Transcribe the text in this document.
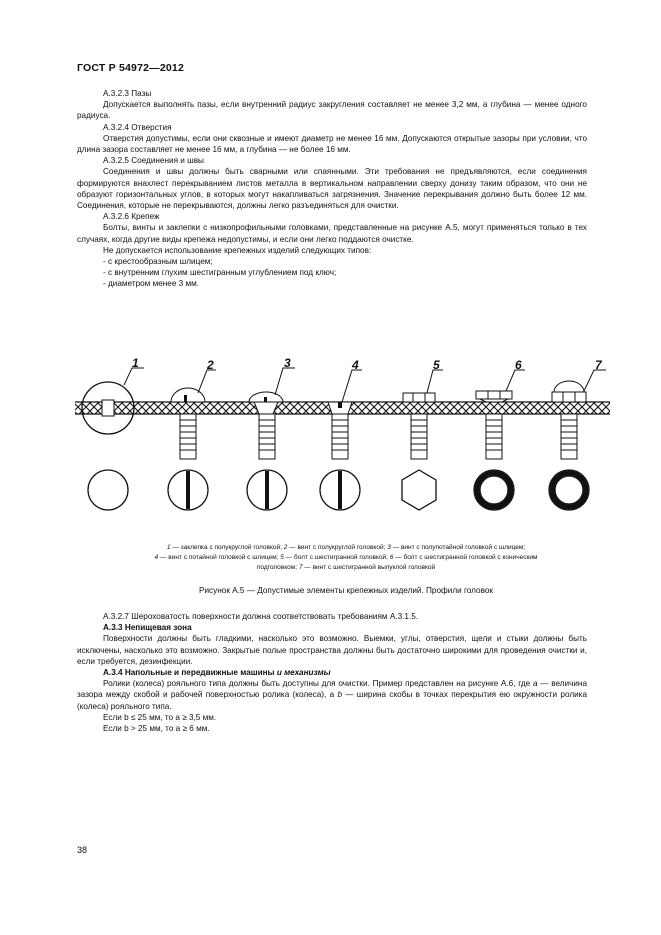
ГОСТ Р 54972—2012

А.3.2.3 Пазы

Допускается выполнять пазы, если внутренний радиус закругления составляет не менее 3,2 мм, а глубина — менее одного радиуса.

А.3.2.4 Отверстия

Отверстия допустимы, если они сквозные и имеют диаметр не менее 16 мм. Допускаются открытые зазоры при условии, что длина зазора составляет не менее 16 мм, а глубина — не более 16 мм.

А.3.2.5 Соединения и швы

Соединения и швы должны быть сварными или спаянными. Эти требования не предъявляются, если соединения формируются внахлест перекрыванием листов металла в вертикальном направлении сверху донизу таким образом, что они не образуют горизонтальных углов, в которых могут накапливаться загрязнения. Значение перекрывания должно быть более 12 мм. Соединения, которые не перекрываются, должны легко разъединяться для очистки.

А.3.2.6 Крепеж

Болты, винты и заклепки с низкопрофильными головками, представленные на рисунке А.5, могут применяться только в тех случаях, когда другие виды крепежа недопустимы, и если они легко поддаются очистке.

Не допускается использование крепежных изделий следующих типов:

- с крестообразным шлицем;

- с внутренним глухим шестигранным углублением под ключ;

- диаметром менее 3 мм.

1	2	3	4	5	6	7
1 — заклепка с полукруглой головкой; 2 — винт с полукруглой головкой; 3 — винт с полупотайной головкой с шлицем;
4 — винт с потайной головкой с шлицем; 5 — болт с шестигранной головкой; 6 — болт с шестигранной головкой с коническим
подголовком; 7 — винт с шестигранной выпуклой головкой
Рисунок А.5 — Допустимые элементы крепежных изделий. Профили головок

А.3.2.7 Шероховатость поверхности должна соответствовать требованиям А.3.1.5.

А.3.3 Непищевая зона

Поверхности должны быть гладкими, насколько это возможно. Выемки, углы, отверстия, щели и стыки должны быть исключены, насколько это возможно. Закрытые полые пространства должны быть достаточно широкими для проведения очистки и, если требуется, дезинфекции.

А.3.4 Напольные и передвижные машины и механизмы

Ролики (колеса) рояльного типа должны быть доступны для очистки. Пример представлен на рисунке А.6, где a — величина зазора между скобой и рабочей поверхностью ролика (колеса), а b — ширина скобы в точках перекрытия ею окружности ролика (колеса) рояльного типа.

Если b ≤ 25 мм, то a ≥ 3,5 мм.

Если b > 25 мм, то a ≥ 6 мм.

38
